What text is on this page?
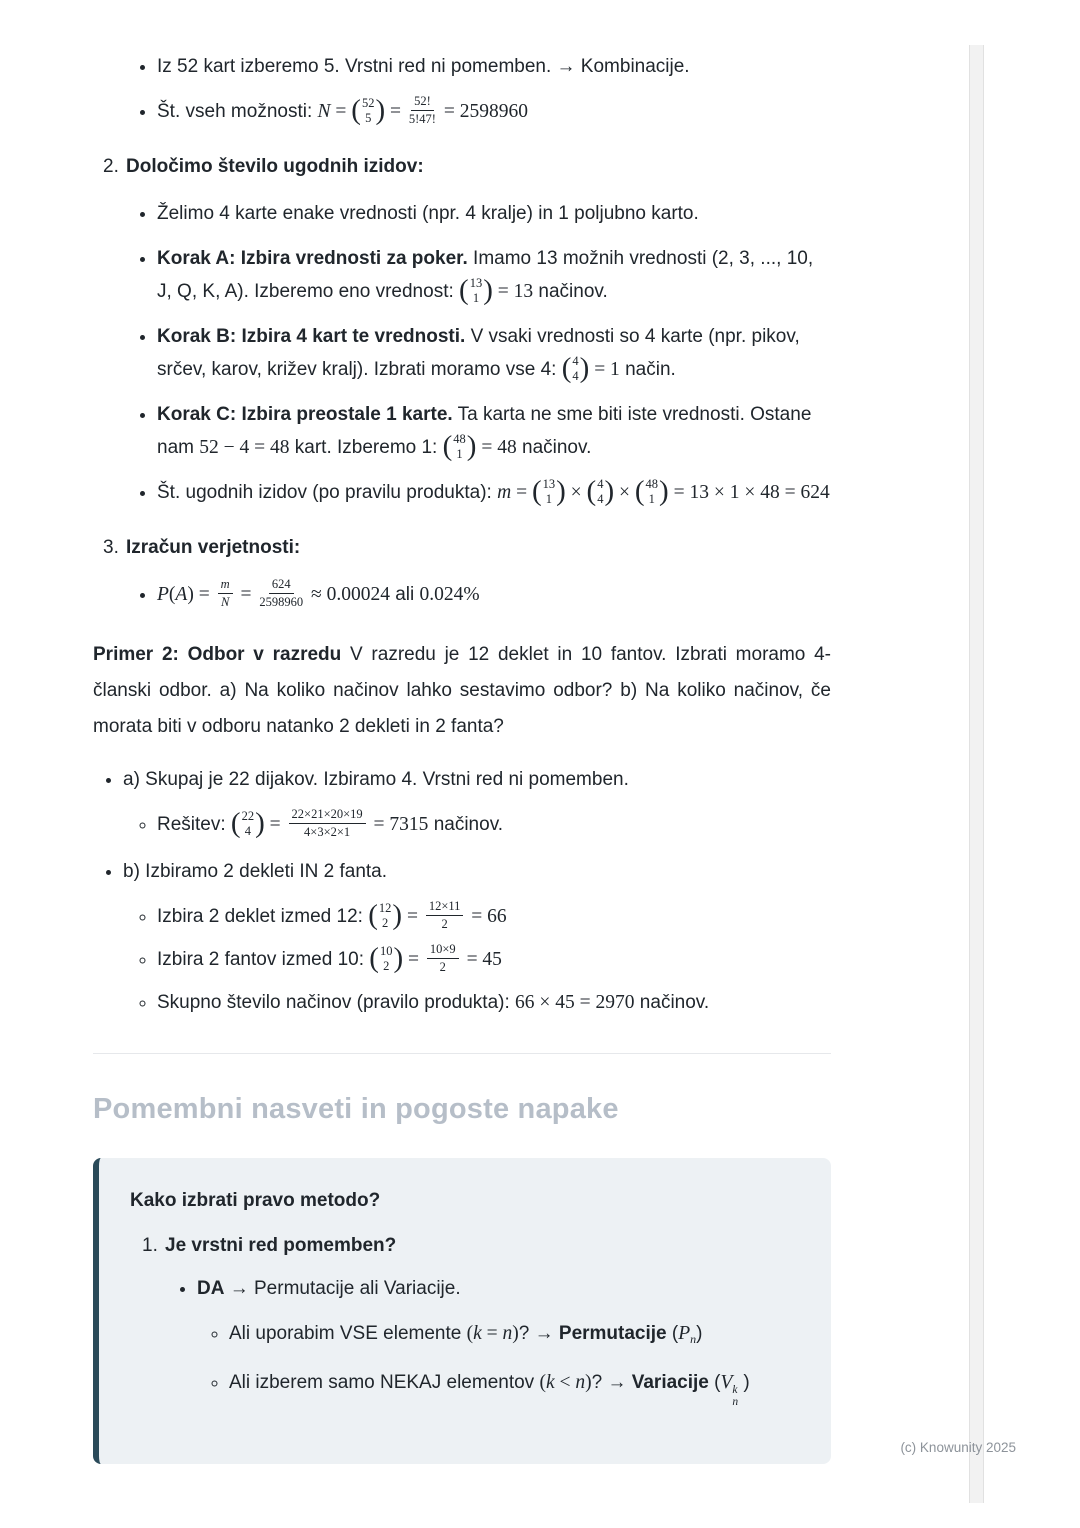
• Iz 52 kart izberemo 5. Vrstni red ni pomemben. → Kombinacije.
• Št. vseh možnosti: N = ( 52
5 ) = $\frac{52!}{5!47!} = 2598960$
2. Določimo število ugodnih izidov:
• Želimo 4 karte enake vrednosti (npr. 4 kralje) in 1 poljubno karto.
• Korak A: Izbira vrednosti za poker. Imamo 13 možnih vrednosti (2, 3, ..., 10, J, Q, K, A). Izberemo eno vrednost: ( 13
1 ) = 13 načinov.
• Korak B: Izbira 4 kart te vrednosti. V vsaki vrednosti so 4 karte (npr. pikov, srčev, karov, križev kralj). Izbrati moramo vse 4: ( 4
4 ) = 1 način.
• Korak C: Izbira preostale 1 karte. Ta karta ne sme biti iste vrednosti. Ostane nam 52 − 4 = 48 kart. Izberemo 1: ( 48
1 ) = 48 načinov.
• Št. ugodnih izidov (po pravilu produkta): m = ( 13
1 ) × ( 4
4 ) × ( 48
1 ) = 13 × 1 × 48 = 624
3. Izračun verjetnosti:
• $P(A) = \frac{m}{N} = \frac{624}{2598960} \approx 0.00024$ ali 0.024%

Primer 2: Odbor v razredu V razredu je 12 deklet in 10 fantov. Izbrati moramo 4-članski odbor. a) Na koliko načinov lahko sestavimo odbor? b) Na koliko načinov, če morata biti v odboru natanko 2 dekleti in 2 fanta?

• a) Skupaj je 22 dijakov. Izbiramo 4. Vrstni red ni pomemben.
◦ Rešitev: ( 22
4 ) = $\frac{22\times 21\times 20\times 19}{4\times 3\times 2\times 1} = 7315$ načinov.
• b) Izbiramo 2 dekleti IN 2 fanta.
◦ Izbira 2 deklet izmed 12: ( 12
2 ) = $\frac{12\times 11}{2} = 66$
◦ Izbira 2 fantov izmed 10: ( 10
2 ) = $\frac{10\times 9}{2} = 45$
◦ Skupno število načinov (pravilo produkta): 66 × 45 = 2970 načinov.
Pomembni nasveti in pogoste napake

Kako izbrati pravo metodo?

1. Je vrstni red pomemben?
• DA → Permutacije ali Variacije.
◦ Ali uporabim VSE elemente (k = n)? → Permutacije $(P_n)$
◦ Ali izberem samo NEKAJ elementov (k < n)? → Variacije (V k
n
)
(c) Knowunity 2025
